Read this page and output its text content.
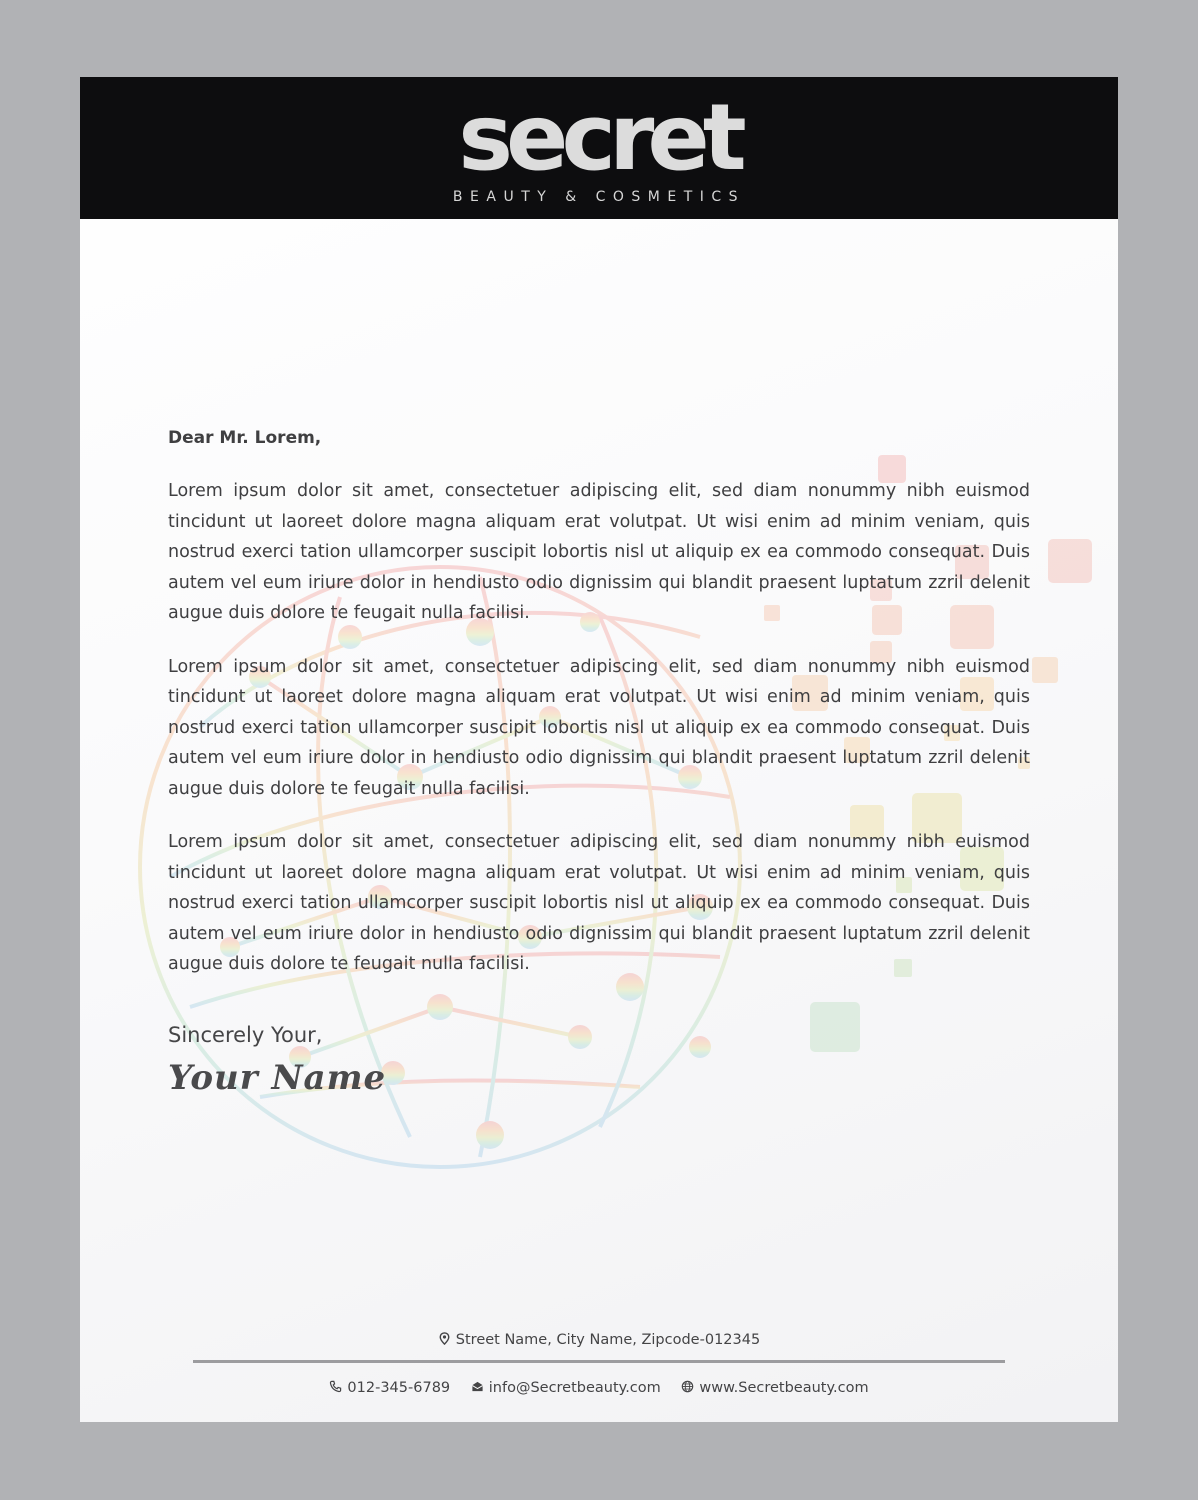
secret
BEAUTY & COSMETICS
Dear Mr. Lorem,

Lorem ipsum dolor sit amet, consectetuer adipiscing elit, sed diam nonummy nibh euismod tincidunt ut laoreet dolore magna aliquam erat volutpat. Ut wisi enim ad minim veniam, quis nostrud exerci tation ullamcorper suscipit lobortis nisl ut aliquip ex ea commodo consequat. Duis autem vel eum iriure dolor in hendiusto odio dignissim qui blandit praesent luptatum zzril delenit augue duis dolore te feugait nulla facilisi.

Lorem ipsum dolor sit amet, consectetuer adipiscing elit, sed diam nonummy nibh euismod tincidunt ut laoreet dolore magna aliquam erat volutpat. Ut wisi enim ad minim veniam, quis nostrud exerci tation ullamcorper suscipit lobortis nisl ut aliquip ex ea commodo consequat. Duis autem vel eum iriure dolor in hendiusto odio dignissim qui blandit praesent luptatum zzril delenit augue duis dolore te feugait nulla facilisi.

Lorem ipsum dolor sit amet, consectetuer adipiscing elit, sed diam nonummy nibh euismod tincidunt ut laoreet dolore magna aliquam erat volutpat. Ut wisi enim ad minim veniam, quis nostrud exerci tation ullamcorper suscipit lobortis nisl ut aliquip ex ea commodo consequat. Duis autem vel eum iriure dolor in hendiusto odio dignissim qui blandit praesent luptatum zzril delenit augue duis dolore te feugait nulla facilisi.

Sincerely Your,
Your Name
Street Name, City Name, Zipcode-012345
012-345-6789	info@Secretbeauty.com	www.Secretbeauty.com
